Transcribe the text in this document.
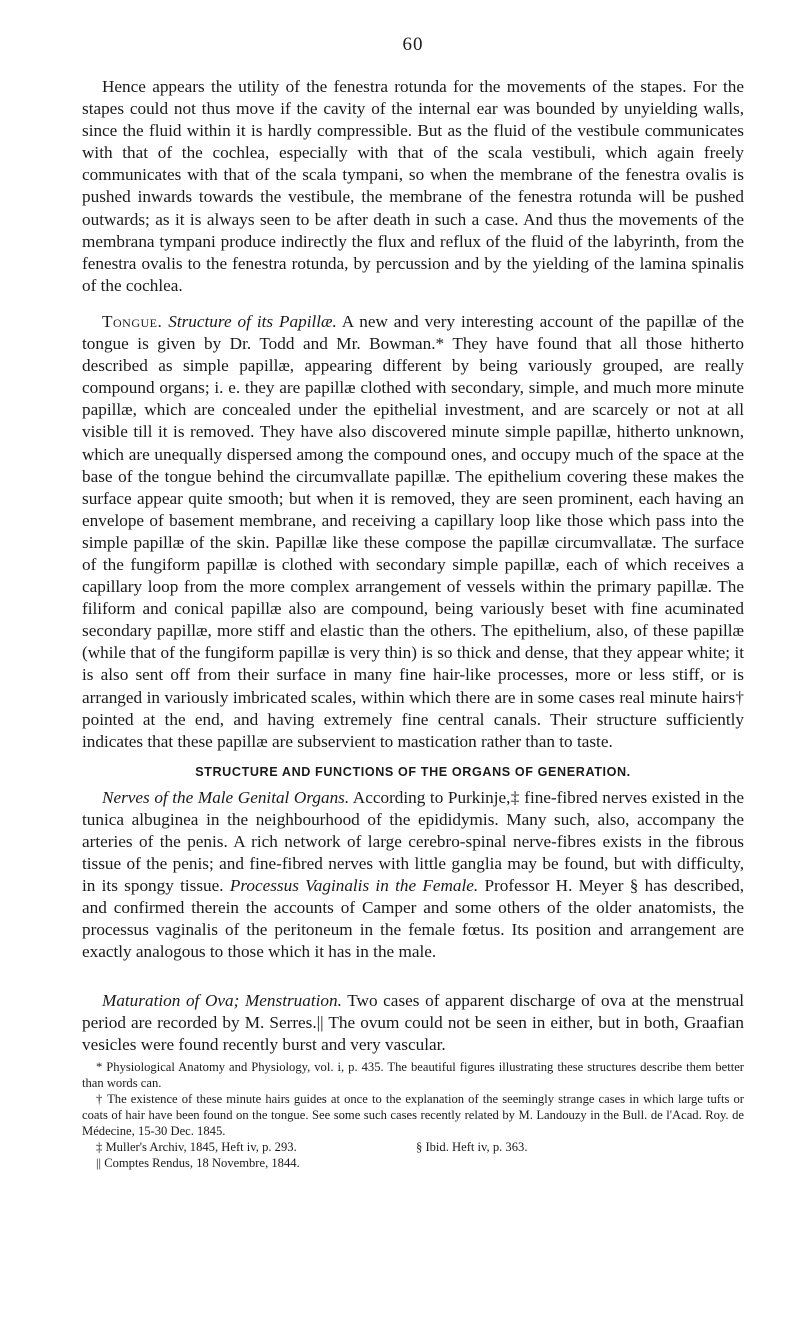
60

Hence appears the utility of the fenestra rotunda for the movements of the stapes. For the stapes could not thus move if the cavity of the internal ear was bounded by unyielding walls, since the fluid within it is hardly compressible. But as the fluid of the vestibule communicates with that of the cochlea, especially with that of the scala vestibuli, which again freely communicates with that of the scala tympani, so when the membrane of the fenestra ovalis is pushed inwards towards the vestibule, the membrane of the fenestra rotunda will be pushed outwards; as it is always seen to be after death in such a case. And thus the movements of the membrana tympani produce indirectly the flux and reflux of the fluid of the labyrinth, from the fenestra ovalis to the fenestra rotunda, by percussion and by the yielding of the lamina spinalis of the cochlea.

Tongue. Structure of its Papillæ. A new and very interesting account of the papillæ of the tongue is given by Dr. Todd and Mr. Bowman.* They have found that all those hitherto described as simple papillæ, appearing different by being variously grouped, are really compound organs; i. e. they are papillæ clothed with secondary, simple, and much more minute papillæ, which are concealed under the epithelial investment, and are scarcely or not at all visible till it is removed. They have also discovered minute simple papillæ, hitherto unknown, which are unequally dispersed among the compound ones, and occupy much of the space at the base of the tongue behind the circumvallate papillæ. The epithelium covering these makes the surface appear quite smooth; but when it is removed, they are seen prominent, each having an envelope of basement membrane, and receiving a capillary loop like those which pass into the simple papillæ of the skin. Papillæ like these compose the papillæ circumvallatæ. The surface of the fungiform papillæ is clothed with secondary simple papillæ, each of which receives a capillary loop from the more complex arrangement of vessels within the primary papillæ. The filiform and conical papillæ also are compound, being variously beset with fine acuminated secondary papillæ, more stiff and elastic than the others. The epithelium, also, of these papillæ (while that of the fungiform papillæ is very thin) is so thick and dense, that they appear white; it is also sent off from their surface in many fine hair-like processes, more or less stiff, or is arranged in variously imbricated scales, within which there are in some cases real minute hairs† pointed at the end, and having extremely fine central canals. Their structure sufficiently indicates that these papillæ are subservient to mastication rather than to taste.

STRUCTURE AND FUNCTIONS OF THE ORGANS OF GENERATION.

Nerves of the Male Genital Organs. According to Purkinje,‡ fine-fibred nerves existed in the tunica albuginea in the neighbourhood of the epididymis. Many such, also, accompany the arteries of the penis. A rich network of large cerebro-spinal nerve-fibres exists in the fibrous tissue of the penis; and fine-fibred nerves with little ganglia may be found, but with difficulty, in its spongy tissue. Processus Vaginalis in the Female. Professor H. Meyer § has described, and confirmed therein the accounts of Camper and some others of the older anatomists, the processus vaginalis of the peritoneum in the female fœtus. Its position and arrangement are exactly analogous to those which it has in the male.

Maturation of Ova; Menstruation. Two cases of apparent discharge of ova at the menstrual period are recorded by M. Serres.|| The ovum could not be seen in either, but in both, Graafian vesicles were found recently burst and very vascular.

* Physiological Anatomy and Physiology, vol. i, p. 435. The beautiful figures illustrating these structures describe them better than words can.

† The existence of these minute hairs guides at once to the explanation of the seemingly strange cases in which large tufts or coats of hair have been found on the tongue. See some such cases recently related by M. Landouzy in the Bull. de l'Acad. Roy. de Médecine, 15-30 Dec. 1845.

‡ Muller's Archiv, 1845, Heft iv, p. 293.	§ Ibid. Heft iv, p. 363.

|| Comptes Rendus, 18 Novembre, 1844.
